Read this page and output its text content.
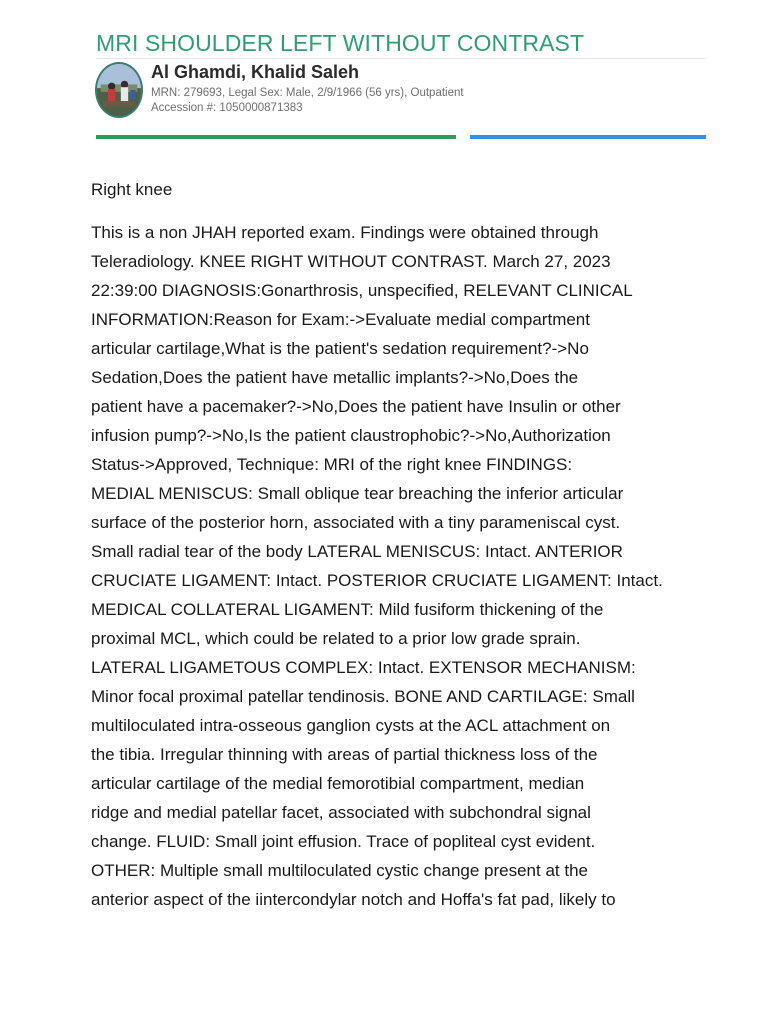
MRI SHOULDER LEFT WITHOUT CONTRAST
Al Ghamdi, Khalid Saleh
MRN: 279693, Legal Sex: Male, 2/9/1966 (56 yrs), Outpatient
Accession #: 1050000871383
Right knee
This is a non JHAH reported exam. Findings were obtained through
Teleradiology. KNEE RIGHT WITHOUT CONTRAST. March 27, 2023
22:39:00 DIAGNOSIS:Gonarthrosis, unspecified, RELEVANT CLINICAL
INFORMATION:Reason for Exam:->Evaluate medial compartment
articular cartilage,What is the patient's sedation requirement?->No
Sedation,Does the patient have metallic implants?->No,Does the
patient have a pacemaker?->No,Does the patient have Insulin or other
infusion pump?->No,Is the patient claustrophobic?->No,Authorization
Status->Approved, Technique: MRI of the right knee FINDINGS:
MEDIAL MENISCUS: Small oblique tear breaching the inferior articular
surface of the posterior horn, associated with a tiny parameniscal cyst.
Small radial tear of the body LATERAL MENISCUS: Intact. ANTERIOR
CRUCIATE LIGAMENT: Intact. POSTERIOR CRUCIATE LIGAMENT: Intact.
MEDICAL COLLATERAL LIGAMENT: Mild fusiform thickening of the
proximal MCL, which could be related to a prior low grade sprain.
LATERAL LIGAMETOUS COMPLEX: Intact. EXTENSOR MECHANISM:
Minor focal proximal patellar tendinosis. BONE AND CARTILAGE: Small
multiloculated intra-osseous ganglion cysts at the ACL attachment on
the tibia. Irregular thinning with areas of partial thickness loss of the
articular cartilage of the medial femorotibial compartment, median
ridge and medial patellar facet, associated with subchondral signal
change. FLUID: Small joint effusion. Trace of popliteal cyst evident.
OTHER: Multiple small multiloculated cystic change present at the
anterior aspect of the iintercondylar notch and Hoffa's fat pad, likely to
